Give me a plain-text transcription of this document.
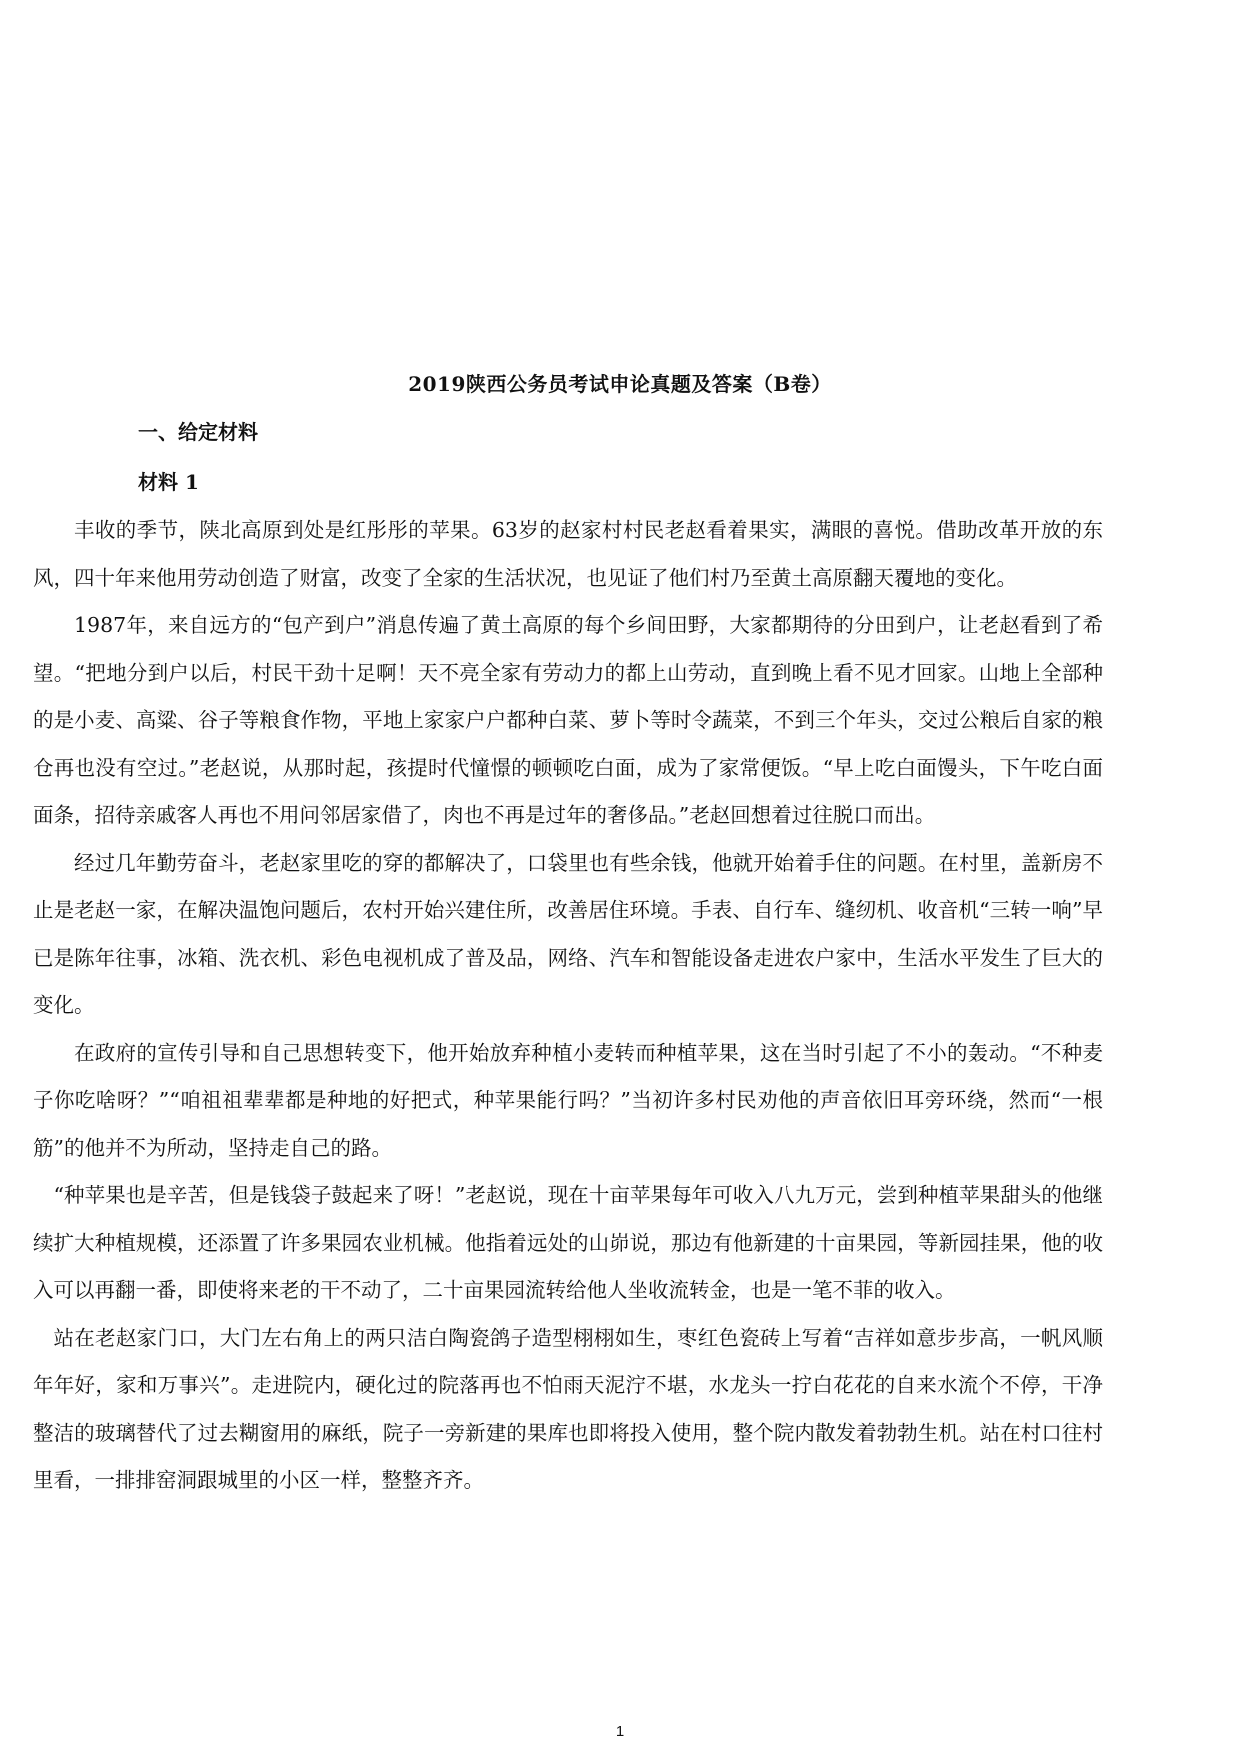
2019陕西公务员考试申论真题及答案（B卷）
一、给定材料
材料 1

丰收的季节，陕北高原到处是红彤彤的苹果。63岁的赵家村村民老赵看着果实，满眼的喜悦。借助改革开放的东风，四十年来他用劳动创造了财富，改变了全家的生活状况，也见证了他们村乃至黄土高原翻天覆地的变化。

1987年，来自远方的“包产到户”消息传遍了黄土高原的每个乡间田野，大家都期待的分田到户，让老赵看到了希望。“把地分到户以后，村民干劲十足啊！天不亮全家有劳动力的都上山劳动，直到晚上看不见才回家。山地上全部种的是小麦、高粱、谷子等粮食作物，平地上家家户户都种白菜、萝卜等时令蔬菜，不到三个年头，交过公粮后自家的粮仓再也没有空过。”老赵说，从那时起，孩提时代憧憬的顿顿吃白面，成为了家常便饭。“早上吃白面馒头，下午吃白面面条，招待亲戚客人再也不用问邻居家借了，肉也不再是过年的奢侈品。”老赵回想着过往脱口而出。

经过几年勤劳奋斗，老赵家里吃的穿的都解决了，口袋里也有些余钱，他就开始着手住的问题。在村里，盖新房不止是老赵一家，在解决温饱问题后，农村开始兴建住所，改善居住环境。手表、自行车、缝纫机、收音机“三转一响”早已是陈年往事，冰箱、洗衣机、彩色电视机成了普及品，网络、汽车和智能设备走进农户家中，生活水平发生了巨大的变化。

在政府的宣传引导和自己思想转变下，他开始放弃种植小麦转而种植苹果，这在当时引起了不小的轰动。“不种麦子你吃啥呀？”“咱祖祖辈辈都是种地的好把式，种苹果能行吗？”当初许多村民劝他的声音依旧耳旁环绕，然而“一根筋”的他并不为所动，坚持走自己的路。

“种苹果也是辛苦，但是钱袋子鼓起来了呀！”老赵说，现在十亩苹果每年可收入八九万元，尝到种植苹果甜头的他继续扩大种植规模，还添置了许多果园农业机械。他指着远处的山峁说，那边有他新建的十亩果园，等新园挂果，他的收入可以再翻一番，即使将来老的干不动了，二十亩果园流转给他人坐收流转金，也是一笔不菲的收入。

站在老赵家门口，大门左右角上的两只洁白陶瓷鸽子造型栩栩如生，枣红色瓷砖上写着“吉祥如意步步高，一帆风顺年年好，家和万事兴”。走进院内，硬化过的院落再也不怕雨天泥泞不堪，水龙头一拧白花花的自来水流个不停，干净整洁的玻璃替代了过去糊窗用的麻纸，院子一旁新建的果库也即将投入使用，整个院内散发着勃勃生机。站在村口往村里看，一排排窑洞跟城里的小区一样，整整齐齐。

1
